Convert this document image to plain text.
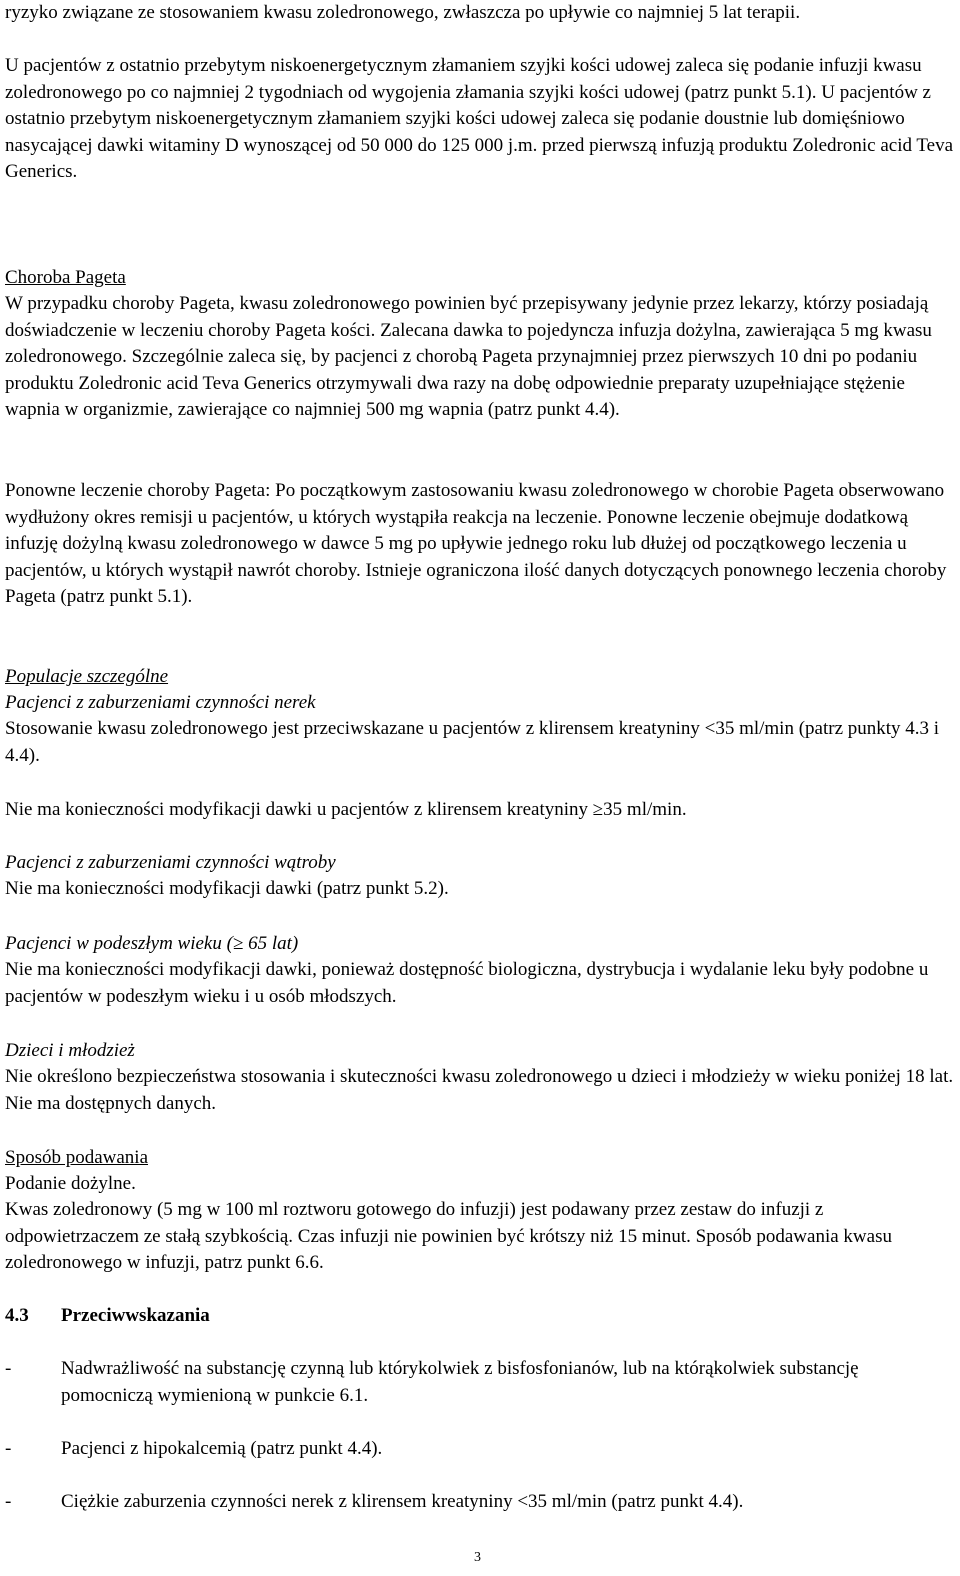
ryzyko związane ze stosowaniem kwasu zoledronowego, zwłaszcza po upływie co najmniej 5 lat terapii.
U pacjentów z ostatnio przebytym niskoenergetycznym złamaniem szyjki kości udowej zaleca się podanie infuzji kwasu zoledronowego po co najmniej 2 tygodniach od wygojenia złamania szyjki kości udowej (patrz punkt 5.1). U pacjentów z ostatnio przebytym niskoenergetycznym złamaniem szyjki kości udowej zaleca się podanie doustnie lub domięśniowo nasycającej dawki witaminy D wynoszącej od 50 000 do 125 000 j.m. przed pierwszą infuzją produktu Zoledronic acid Teva Generics.
Choroba Pageta
W przypadku choroby Pageta, kwasu zoledronowego powinien być przepisywany jedynie przez lekarzy, którzy posiadają doświadczenie w leczeniu choroby Pageta kości. Zalecana dawka to pojedyncza infuzja dożylna, zawierająca 5 mg kwasu zoledronowego. Szczególnie zaleca się, by pacjenci z chorobą Pageta przynajmniej przez pierwszych 10 dni po podaniu produktu Zoledronic acid Teva Generics otrzymywali dwa razy na dobę odpowiednie preparaty uzupełniające stężenie wapnia w organizmie, zawierające co najmniej 500 mg wapnia (patrz punkt 4.4).
Ponowne leczenie choroby Pageta: Po początkowym zastosowaniu kwasu zoledronowego w chorobie Pageta obserwowano wydłużony okres remisji u pacjentów, u których wystąpiła reakcja na leczenie. Ponowne leczenie obejmuje dodatkową infuzję dożylną kwasu zoledronowego w dawce 5 mg po upływie jednego roku lub dłużej od początkowego leczenia u pacjentów, u których wystąpił nawrót choroby. Istnieje ograniczona ilość danych dotyczących ponownego leczenia choroby Pageta (patrz punkt 5.1).
Populacje szczególne
Pacjenci z zaburzeniami czynności nerek
Stosowanie kwasu zoledronowego jest przeciwskazane u pacjentów z klirensem kreatyniny <35 ml/min (patrz punkty 4.3 i 4.4).
Nie ma konieczności modyfikacji dawki u pacjentów z klirensem kreatyniny ≥35 ml/min.
Pacjenci z zaburzeniami czynności wątroby
Nie ma konieczności modyfikacji dawki (patrz punkt 5.2).
Pacjenci w podeszłym wieku (≥ 65 lat)
Nie ma konieczności modyfikacji dawki, ponieważ dostępność biologiczna, dystrybucja i wydalanie leku były podobne u pacjentów w podeszłym wieku i u osób młodszych.
Dzieci i młodzież
Nie określono bezpieczeństwa stosowania i skuteczności kwasu zoledronowego u dzieci i młodzieży w wieku poniżej 18 lat. Nie ma dostępnych danych.
Sposób podawania
Podanie dożylne.
Kwas zoledronowy (5 mg w 100 ml roztworu gotowego do infuzji) jest podawany przez zestaw do infuzji z odpowietrzaczem ze stałą szybkością. Czas infuzji nie powinien być krótszy niż 15 minut. Sposób podawania kwasu zoledronowego w infuzji, patrz punkt 6.6.
4.3 Przeciwwskazania
-	Nadwrażliwość na substancję czynną lub którykolwiek z bisfosfonianów, lub na którąkolwiek substancję pomocniczą wymienioną w punkcie 6.1.
-	Pacjenci z hipokalcemią (patrz punkt 4.4).
-	Ciężkie zaburzenia czynności nerek z klirensem kreatyniny <35 ml/min (patrz punkt 4.4).
3
